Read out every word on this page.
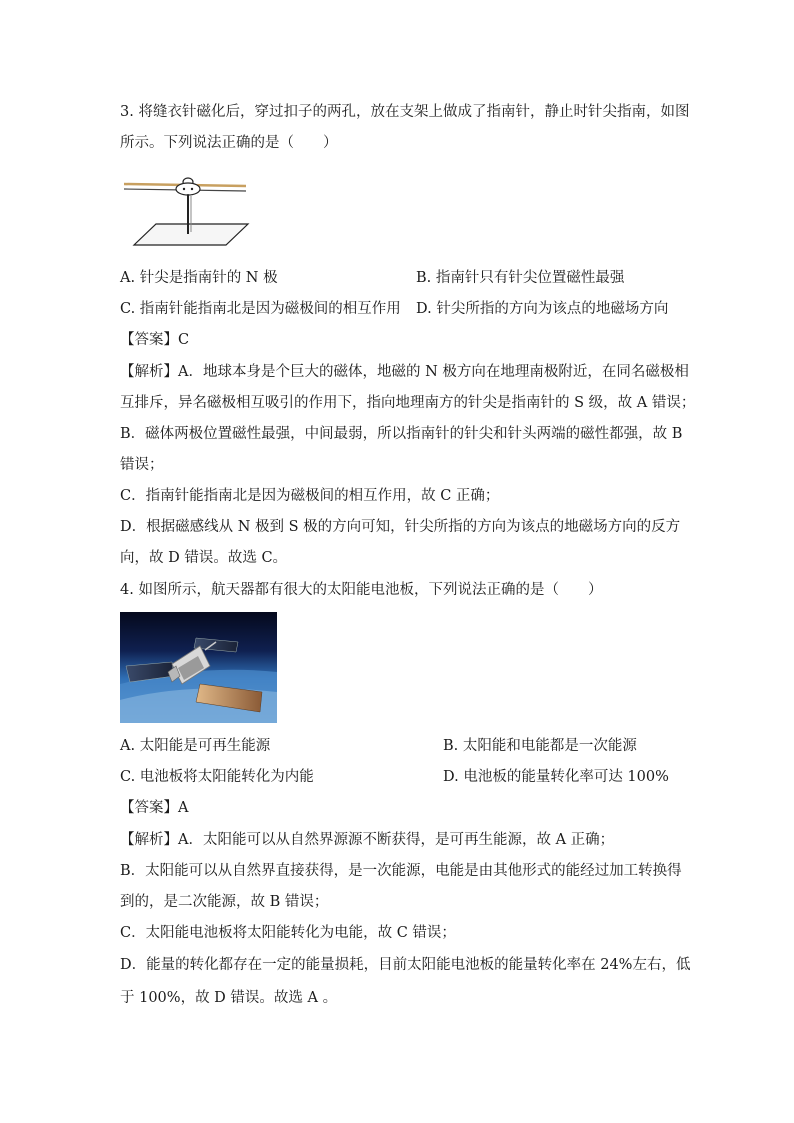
3. 将缝衣针磁化后，穿过扣子的两孔，放在支架上做成了指南针，静止时针尖指南，如图
所示。下列说法正确的是（　　）
A. 针尖是指南针的 N 极	B. 指南针只有针尖位置磁性最强
C. 指南针能指南北是因为磁极间的相互作用 D. 针尖所指的方向为该点的地磁场方向
【答案】C
【解析】A．地球本身是个巨大的磁体，地磁的 N 极方向在地理南极附近，在同名磁极相
互排斥，异名磁极相互吸引的作用下，指向地理南方的针尖是指南针的 S 级，故 A 错误；
B．磁体两极位置磁性最强，中间最弱，所以指南针的针尖和针头两端的磁性都强，故 B
错误；
C．指南针能指南北是因为磁极间的相互作用，故 C 正确；
D．根据磁感线从 N 极到 S 极的方向可知，针尖所指的方向为该点的地磁场方向的反方
向，故 D 错误。故选 C。
4. 如图所示，航天器都有很大的太阳能电池板，下列说法正确的是（　　）
A. 太阳能是可再生能源	B. 太阳能和电能都是一次能源
C. 电池板将太阳能转化为内能	D. 电池板的能量转化率可达 100%
【答案】A
【解析】A．太阳能可以从自然界源源不断获得，是可再生能源，故 A 正确；
B．太阳能可以从自然界直接获得，是一次能源，电能是由其他形式的能经过加工转换得
到的，是二次能源，故 B 错误；
C．太阳能电池板将太阳能转化为电能，故 C 错误；
D．能量的转化都存在一定的能量损耗，目前太阳能电池板的能量转化率在 24%左右，低
于 100%，故 D 错误。故选 A 。
